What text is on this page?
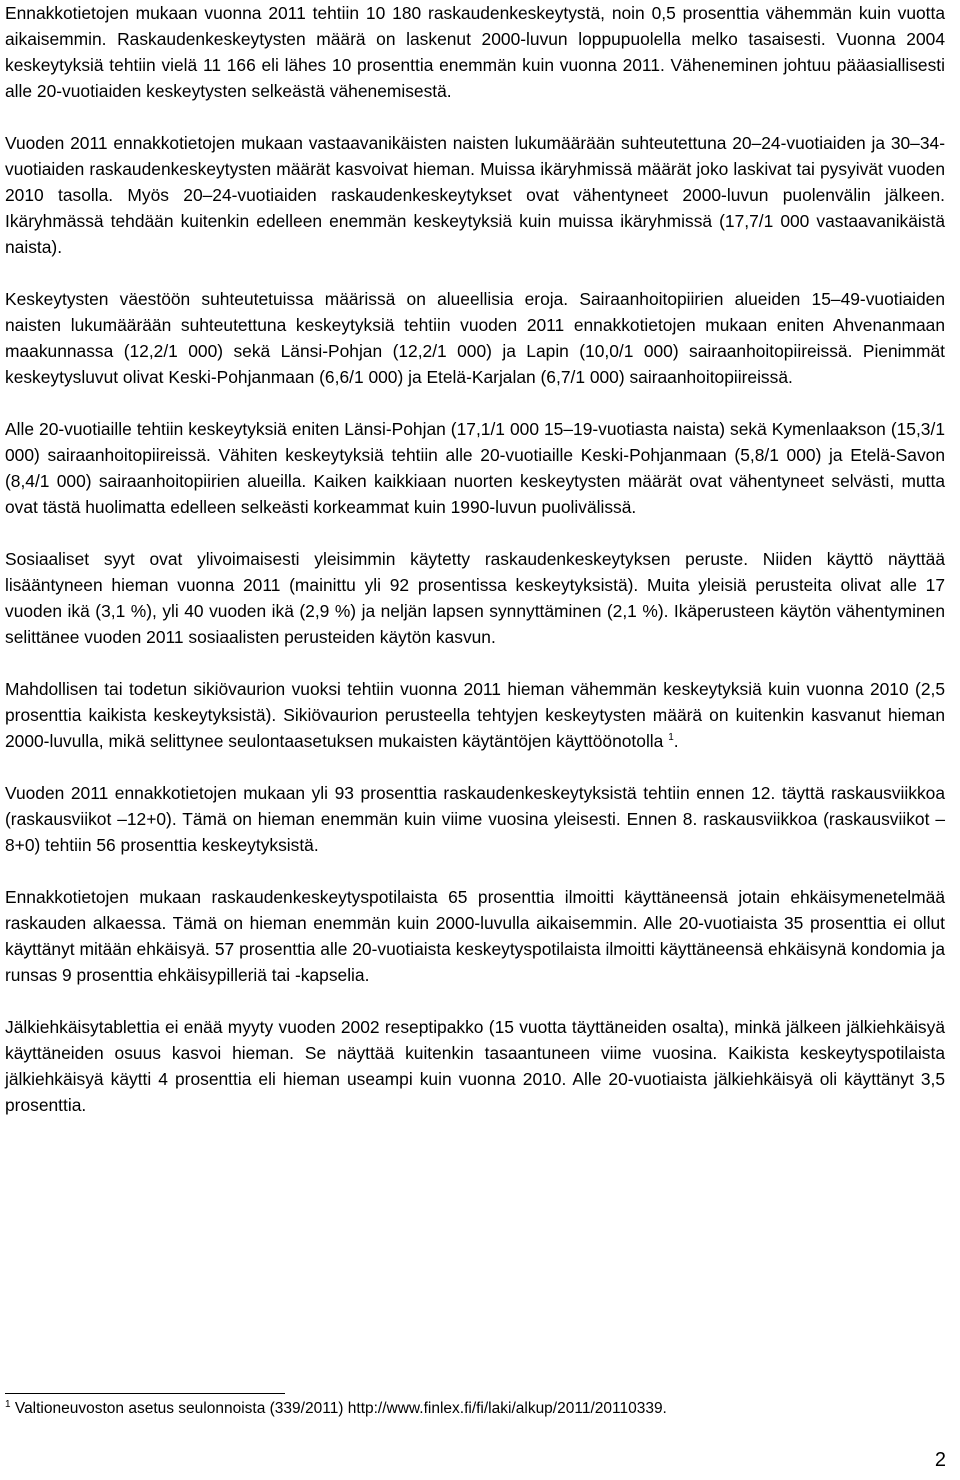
Ennakkotietojen mukaan vuonna 2011 tehtiin 10 180 raskaudenkeskeytystä, noin 0,5 prosenttia vähemmän kuin vuotta aikaisemmin. Raskaudenkeskeytysten määrä on laskenut 2000-luvun loppupuolella melko tasaisesti. Vuonna 2004 keskeytyksiä tehtiin vielä 11 166 eli lähes 10 prosenttia enemmän kuin vuonna 2011. Väheneminen johtuu pääasiallisesti alle 20-vuotiaiden keskeytysten selkeästä vähenemisestä.

Vuoden 2011 ennakkotietojen mukaan vastaavanikäisten naisten lukumäärään suhteutettuna 20–24-vuotiaiden ja 30–34-vuotiaiden raskaudenkeskeytysten määrät kasvoivat hieman. Muissa ikäryhmissä määrät joko laskivat tai pysyivät vuoden 2010 tasolla. Myös 20–24-vuotiaiden raskaudenkeskeytykset ovat vähentyneet 2000-luvun puolenvälin jälkeen. Ikäryhmässä tehdään kuitenkin edelleen enemmän keskeytyksiä kuin muissa ikäryhmissä (17,7/1 000 vastaavanikäistä naista).

Keskeytysten väestöön suhteutetuissa määrissä on alueellisia eroja. Sairaanhoitopiirien alueiden 15–49-vuotiaiden naisten lukumäärään suhteutettuna keskeytyksiä tehtiin vuoden 2011 ennakkotietojen mukaan eniten Ahvenanmaan maakunnassa (12,2/1 000) sekä Länsi-Pohjan (12,2/1 000) ja Lapin (10,0/1 000) sairaanhoitopiireissä. Pienimmät keskeytysluvut olivat Keski-Pohjanmaan (6,6/1 000) ja Etelä-Karjalan (6,7/1 000) sairaanhoitopiireissä.

Alle 20-vuotiaille tehtiin keskeytyksiä eniten Länsi-Pohjan (17,1/1 000 15–19-vuotiasta naista) sekä Kymenlaakson (15,3/1 000) sairaanhoitopiireissä. Vähiten keskeytyksiä tehtiin alle 20-vuotiaille Keski-Pohjanmaan (5,8/1 000) ja Etelä-Savon (8,4/1 000) sairaanhoitopiirien alueilla. Kaiken kaikkiaan nuorten keskeytysten määrät ovat vähentyneet selvästi, mutta ovat tästä huolimatta edelleen selkeästi korkeammat kuin 1990-luvun puolivälissä.

Sosiaaliset syyt ovat ylivoimaisesti yleisimmin käytetty raskaudenkeskeytyksen peruste. Niiden käyttö näyttää lisääntyneen hieman vuonna 2011 (mainittu yli 92 prosentissa keskeytyksistä). Muita yleisiä perusteita olivat alle 17 vuoden ikä (3,1 %), yli 40 vuoden ikä (2,9 %) ja neljän lapsen synnyttäminen (2,1 %). Ikäperusteen käytön vähentyminen selittänee vuoden 2011 sosiaalisten perusteiden käytön kasvun.

Mahdollisen tai todetun sikiövaurion vuoksi tehtiin vuonna 2011 hieman vähemmän keskeytyksiä kuin vuonna 2010 (2,5 prosenttia kaikista keskeytyksistä). Sikiövaurion perusteella tehtyjen keskeytysten määrä on kuitenkin kasvanut hieman 2000-luvulla, mikä selittynee seulontaasetuksen mukaisten käytäntöjen käyttöönotolla $^1$.

Vuoden 2011 ennakkotietojen mukaan yli 93 prosenttia raskaudenkeskeytyksistä tehtiin ennen 12. täyttä raskausviikkoa (raskausviikot –12+0). Tämä on hieman enemmän kuin viime vuosina yleisesti. Ennen 8. raskausviikkoa (raskausviikot –8+0) tehtiin 56 prosenttia keskeytyksistä.

Ennakkotietojen mukaan raskaudenkeskeytyspotilaista 65 prosenttia ilmoitti käyttäneensä jotain ehkäisymenetelmää raskauden alkaessa. Tämä on hieman enemmän kuin 2000-luvulla aikaisemmin. Alle 20-vuotiaista 35 prosenttia ei ollut käyttänyt mitään ehkäisyä. 57 prosenttia alle 20-vuotiaista keskeytyspotilaista ilmoitti käyttäneensä ehkäisynä kondomia ja runsas 9 prosenttia ehkäisypilleriä tai -kapselia.

Jälkiehkäisytablettia ei enää myyty vuoden 2002 reseptipakko (15 vuotta täyttäneiden osalta), minkä jälkeen jälkiehkäisyä käyttäneiden osuus kasvoi hieman. Se näyttää kuitenkin tasaantuneen viime vuosina. Kaikista keskeytyspotilaista jälkiehkäisyä käytti 4 prosenttia eli hieman useampi kuin vuonna 2010. Alle 20-vuotiaista jälkiehkäisyä oli käyttänyt 3,5 prosenttia.

$^1$ Valtioneuvoston asetus seulonnoista (339/2011) http://www.finlex.fi/fi/laki/alkup/2011/20110339.

2
